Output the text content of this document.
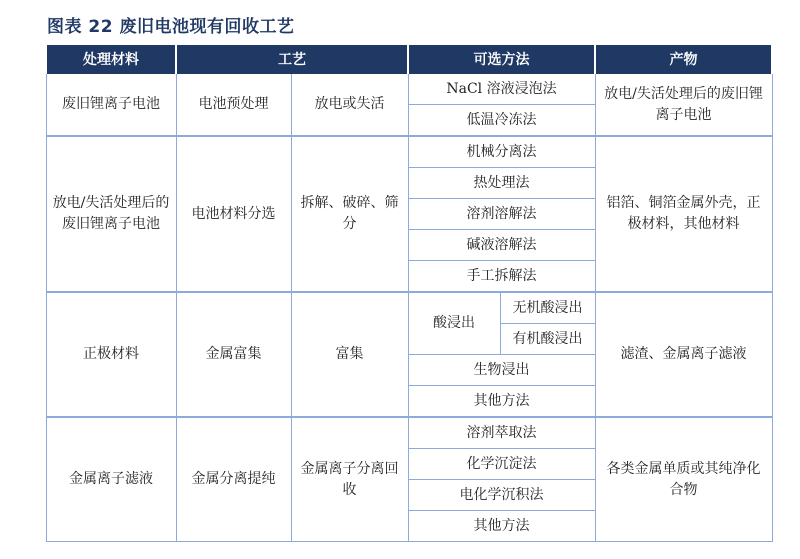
图表 22 废旧电池现有回收工艺
处理材料	工艺		可选方法		产物
废旧锂离子电池	电池预处理	放电或失活	NaCl 溶液浸泡法		放电/失活处理后的废旧锂离子电池
			低温冷冻法		
放电/失活处理后的废旧锂离子电池	电池材料分选	拆解、破碎、筛分	机械分离法		铝箔、铜箔金属外壳，正极材料，其他材料
			热处理法		
			溶剂溶解法		
			碱液溶解法		
			手工拆解法		
正极材料	金属富集	富集	酸浸出	无机酸浸出	滤渣、金属离子滤液
				有机酸浸出	
			生物浸出		
			其他方法		
金属离子滤液	金属分离提纯	金属离子分离回收	溶剂萃取法		各类金属单质或其纯净化合物
			化学沉淀法		
			电化学沉积法		
			其他方法		
